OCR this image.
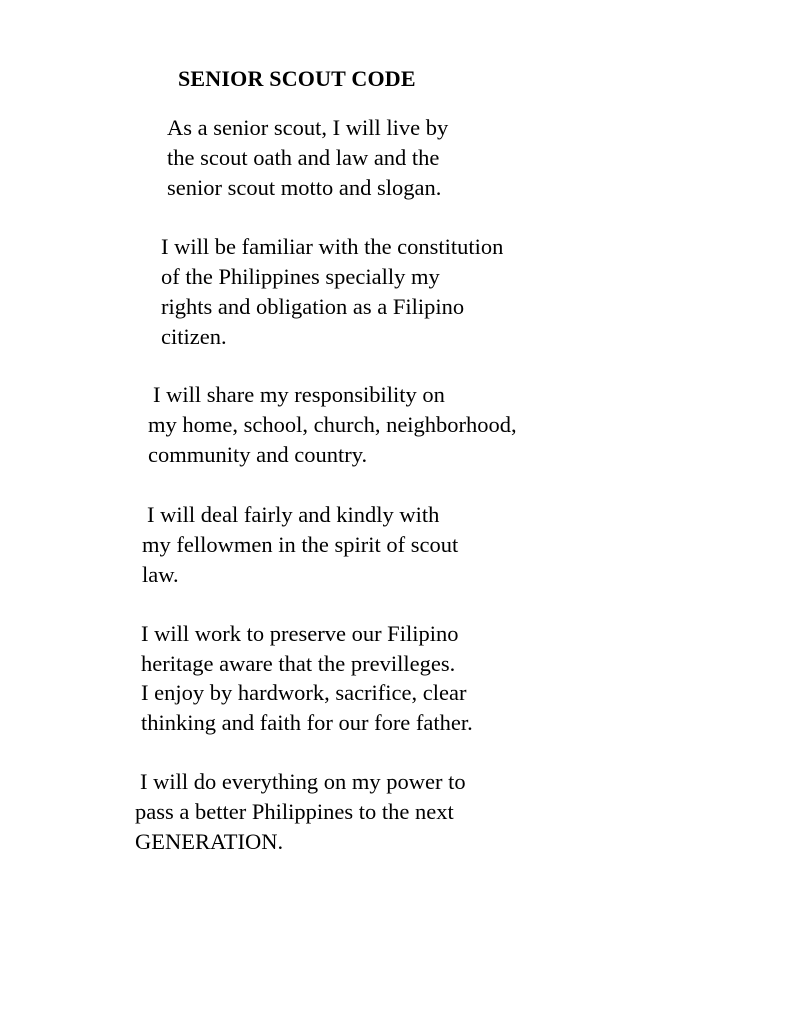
SENIOR SCOUT CODE
As a senior scout, I will live by
the scout oath and law and the
senior scout motto and slogan.
I will be familiar with the constitution
of the Philippines specially my
rights and obligation as a Filipino
citizen.
I will share my responsibility on
my home, school, church, neighborhood,
community and country.
I will deal fairly and kindly with
my fellowmen in the spirit of scout
law.
I will work to preserve our Filipino
heritage aware that the previlleges.
I enjoy by hardwork, sacrifice, clear
thinking and faith for our fore father.
I will do everything on my power to
pass a better Philippines to the next
GENERATION.
